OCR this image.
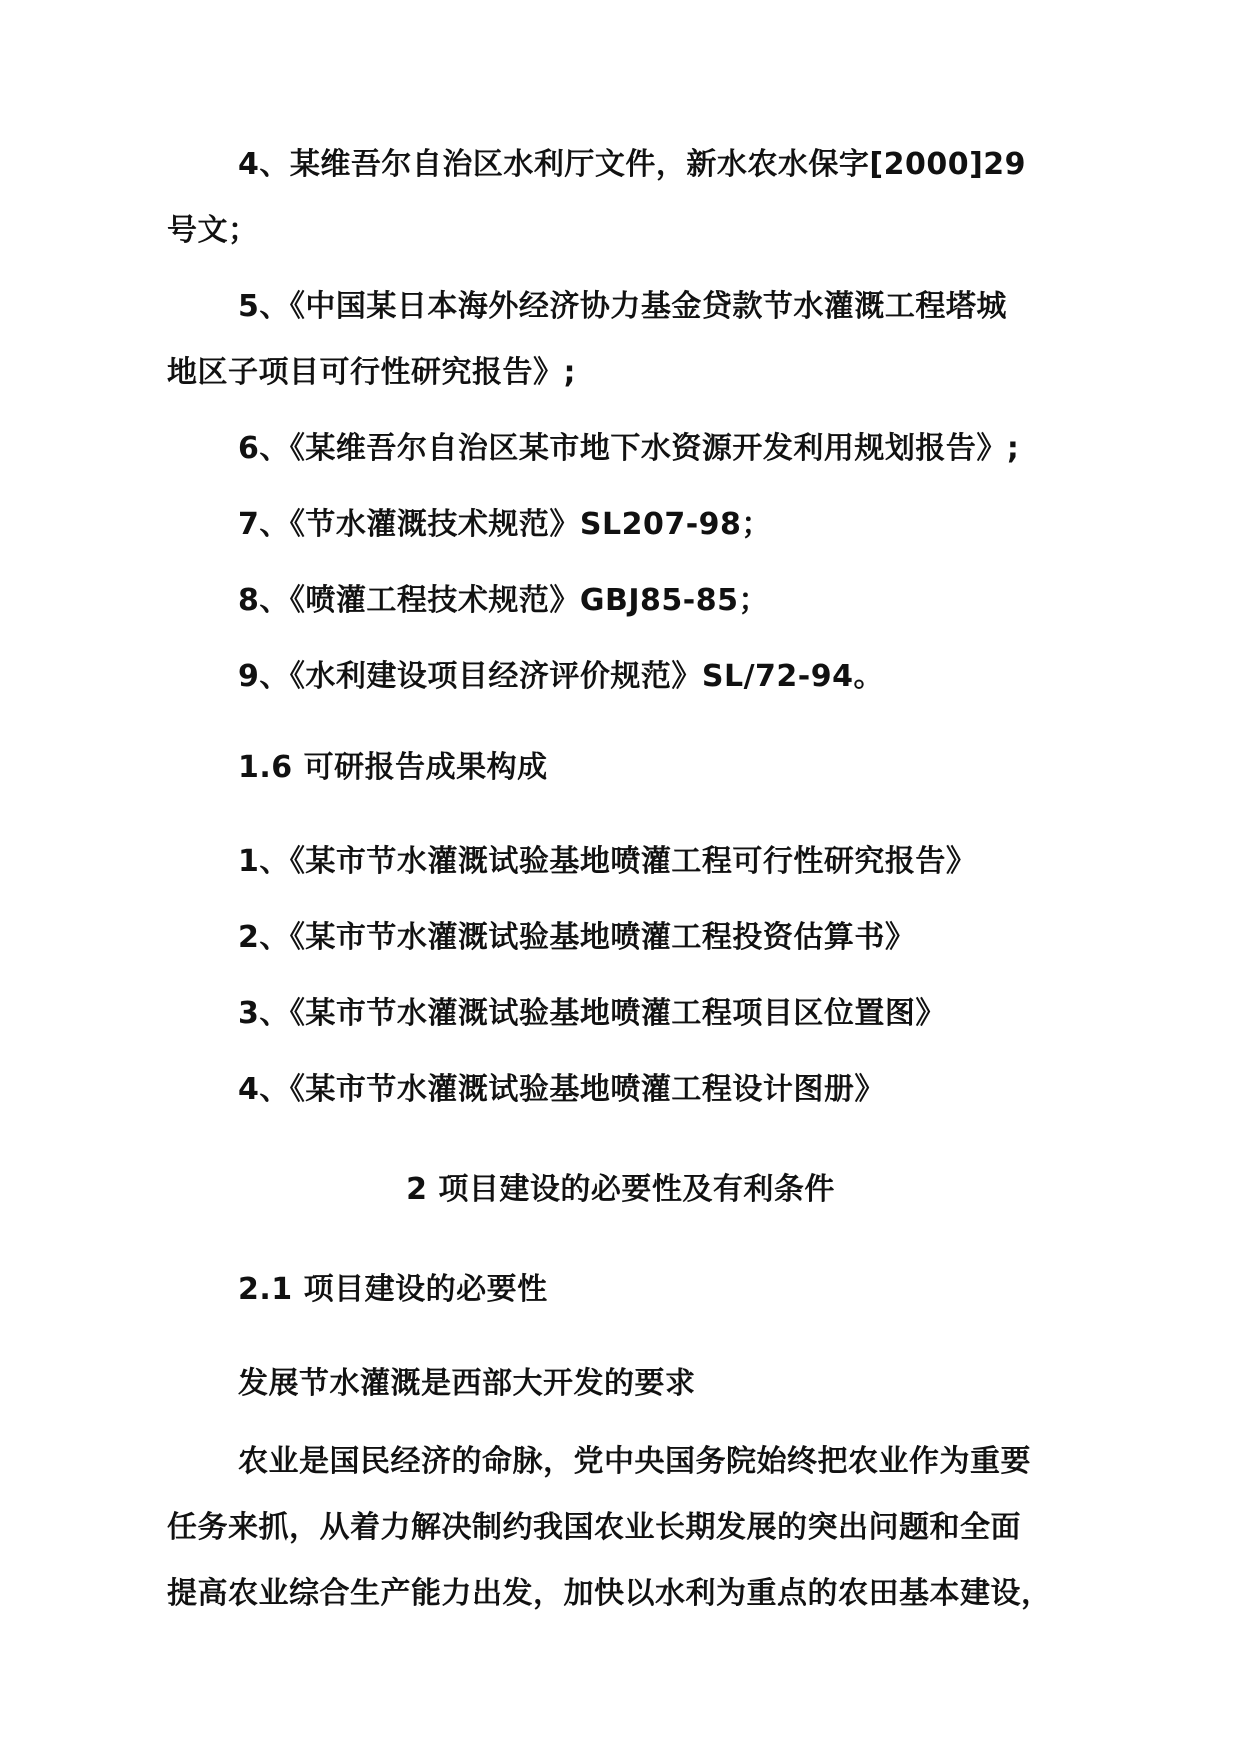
4、某维吾尔自治区水利厅文件，新水农水保字[2000]29
号文；
5、《中国某日本海外经济协力基金贷款节水灌溉工程塔城
地区子项目可行性研究报告》;
6、《某维吾尔自治区某市地下水资源开发利用规划报告》;
7、《节水灌溉技术规范》SL207-98；
8、《喷灌工程技术规范》GBJ85-85；
9、《水利建设项目经济评价规范》SL/72-94。
1.6 可研报告成果构成
1、《某市节水灌溉试验基地喷灌工程可行性研究报告》
2、《某市节水灌溉试验基地喷灌工程投资估算书》
3、《某市节水灌溉试验基地喷灌工程项目区位置图》
4、《某市节水灌溉试验基地喷灌工程设计图册》
2 项目建设的必要性及有利条件
2.1 项目建设的必要性
发展节水灌溉是西部大开发的要求
农业是国民经济的命脉，党中央国务院始终把农业作为重要
任务来抓，从着力解决制约我国农业长期发展的突出问题和全面
提高农业综合生产能力出发，加快以水利为重点的农田基本建设，
